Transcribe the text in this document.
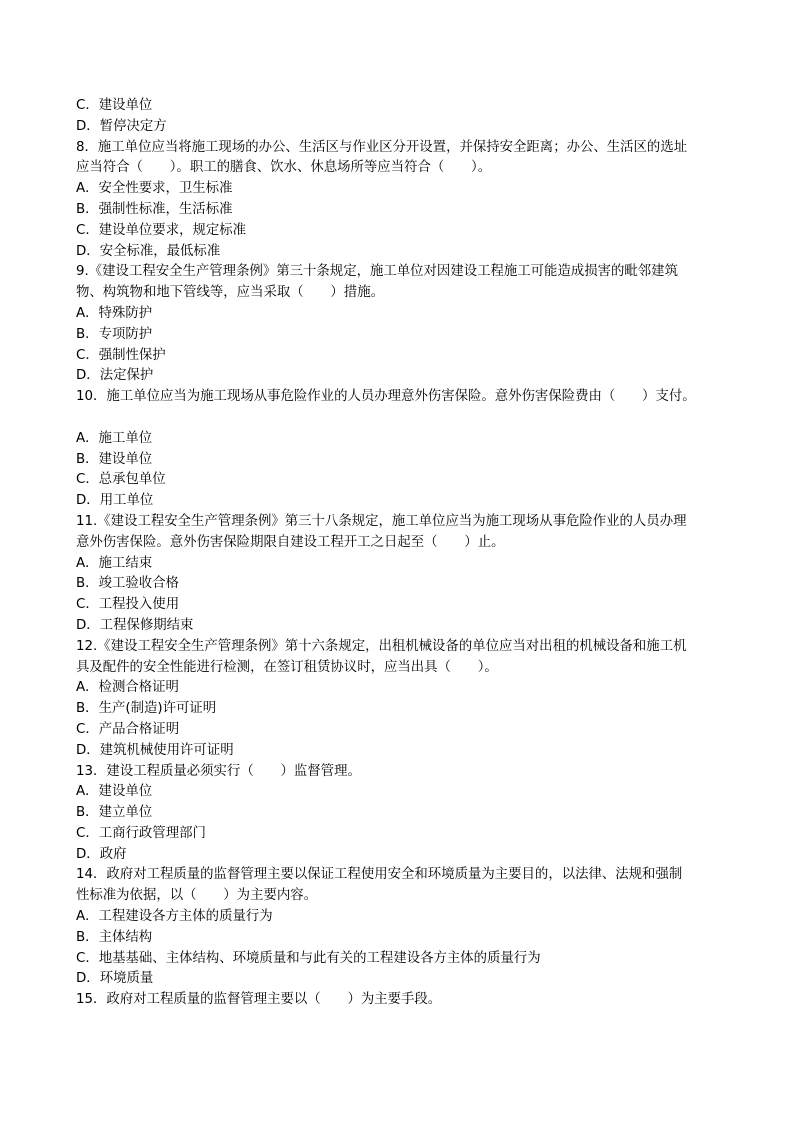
C．建设单位
D．暂停决定方
8．施工单位应当将施工现场的办公、生活区与作业区分开设置，并保持安全距离；办公、生活区的选址
应当符合（　　）。职工的膳食、饮水、休息场所等应当符合（　　）。
A．安全性要求，卫生标准
B．强制性标准，生活标准
C．建设单位要求，规定标准
D．安全标准，最低标准
9.《建设工程安全生产管理条例》第三十条规定，施工单位对因建设工程施工可能造成损害的毗邻建筑
物、构筑物和地下管线等，应当采取（　　）措施。
A．特殊防护
B．专项防护
C．强制性保护
D．法定保护
10．施工单位应当为施工现场从事危险作业的人员办理意外伤害保险。意外伤害保险费由（　　）支付。
A．施工单位
B．建设单位
C．总承包单位
D．用工单位
11.《建设工程安全生产管理条例》第三十八条规定，施工单位应当为施工现场从事危险作业的人员办理
意外伤害保险。意外伤害保险期限自建设工程开工之日起至（　　）止。
A．施工结束
B．竣工验收合格
C．工程投入使用
D．工程保修期结束
12.《建设工程安全生产管理条例》第十六条规定，出租机械设备的单位应当对出租的机械设备和施工机
具及配件的安全性能进行检测，在签订租赁协议时，应当出具（　　）。
A．检测合格证明
B．生产(制造)许可证明
C．产品合格证明
D．建筑机械使用许可证明
13．建设工程质量必须实行（　　）监督管理。
A．建设单位
B．建立单位
C．工商行政管理部门
D．政府
14．政府对工程质量的监督管理主要以保证工程使用安全和环境质量为主要目的，以法律、法规和强制
性标准为依据，以（　　）为主要内容。
A．工程建设各方主体的质量行为
B．主体结构
C．地基基础、主体结构、环境质量和与此有关的工程建设各方主体的质量行为
D．环境质量
15．政府对工程质量的监督管理主要以（　　）为主要手段。
